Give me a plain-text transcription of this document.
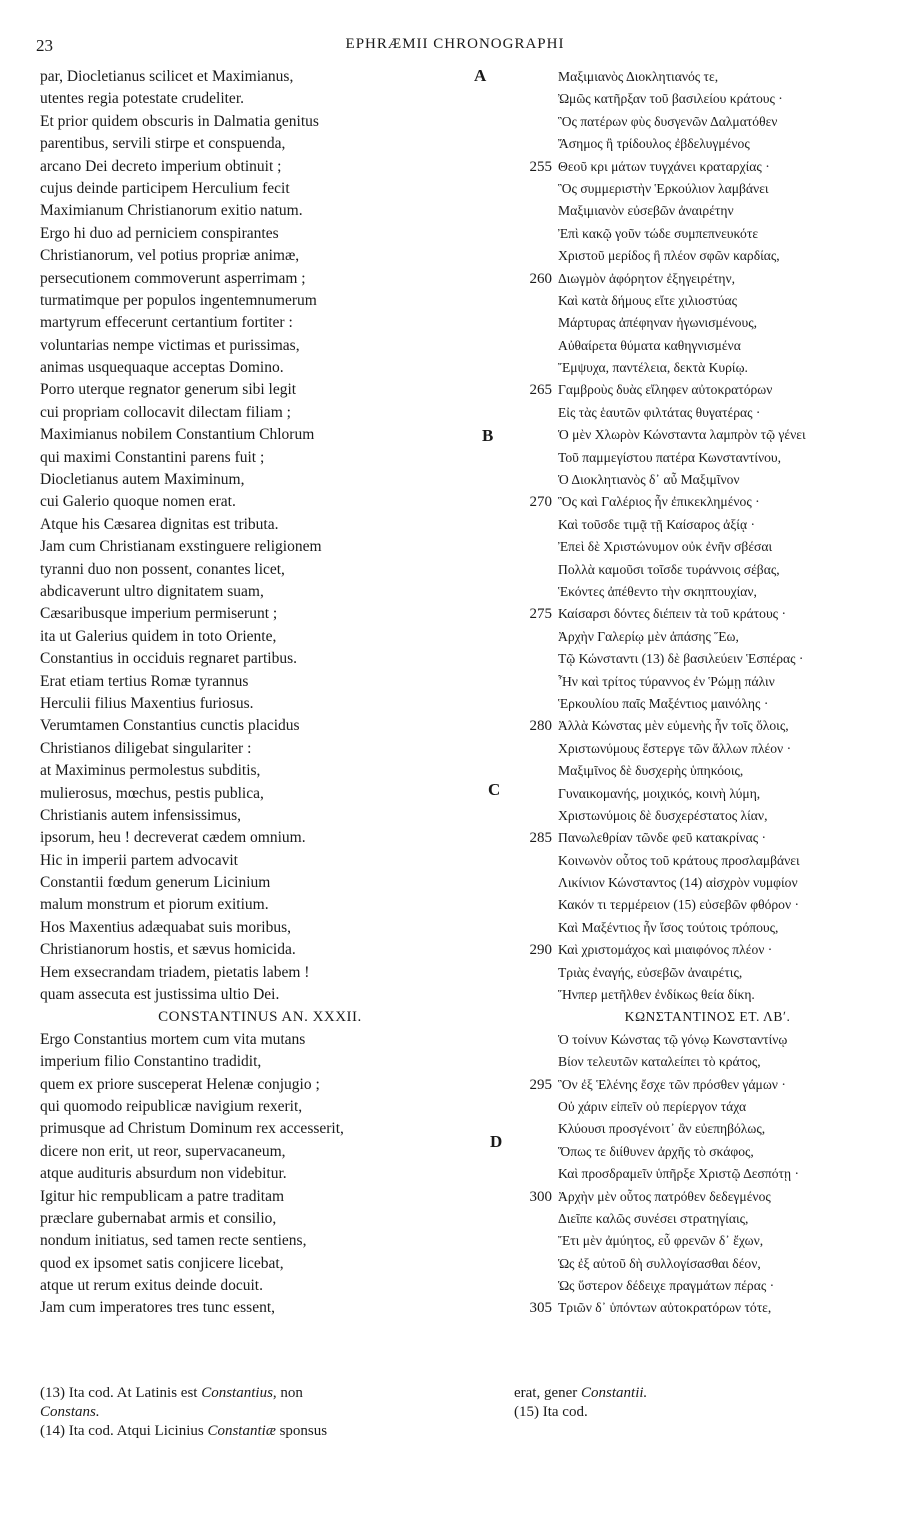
23	EPHRÆMII CHRONOGRAPHI
A
B
C
D
par, Diocletianus scilicet et Maximianus,
utentes regia potestate crudeliter.
Et prior quidem obscuris in Dalmatia genitus
parentibus, servili stirpe et conspuenda,
arcano Dei decreto imperium obtinuit ;
cujus deinde participem Herculium fecit
Maximianum Christianorum exitio natum.
Ergo hi duo ad perniciem conspirantes
Christianorum, vel potius propriæ animæ,
persecutionem commoverunt asperrimam ;
turmatimque per populos ingentemnumerum
martyrum effecerunt certantium fortiter :
voluntarias nempe victimas et purissimas,
animas usquequaque acceptas Domino.
Porro uterque regnator generum sibi legit
cui propriam collocavit dilectam filiam ;
Maximianus nobilem Constantium Chlorum
qui maximi Constantini parens fuit ;
Diocletianus autem Maximinum,
cui Galerio quoque nomen erat.
Atque his Cæsarea dignitas est tributa.
Jam cum Christianam exstinguere religionem
tyranni duo non possent, conantes licet,
abdicaverunt ultro dignitatem suam,
Cæsaribusque imperium permiserunt ;
ita ut Galerius quidem in toto Oriente,
Constantius in occiduis regnaret partibus.
Erat etiam tertius Romæ tyrannus
Herculii filius Maxentius furiosus.
Verumtamen Constantius cunctis placidus
Christianos diligebat singulariter :
at Maximinus permolestus subditis,
mulierosus, mœchus, pestis publica,
Christianis autem infensissimus,
ipsorum, heu ! decreverat cædem omnium.
Hic in imperii partem advocavit
Constantii fœdum generum Licinium
malum monstrum et piorum exitium.
Hos Maxentius adæquabat suis moribus,
Christianorum hostis, et sævus homicida.
Hem exsecrandam triadem, pietatis labem !
quam assecuta est justissima ultio Dei.
CONSTANTINUS AN. XXXII.
Ergo Constantius mortem cum vita mutans
imperium filio Constantino tradidit,
quem ex priore susceperat Helenæ conjugio ;
qui quomodo reipublicæ navigium rexerit,
primusque ad Christum Dominum rex accesserit,
dicere non erit, ut reor, supervacaneum,
atque audituris absurdum non videbitur.
Igitur hic rempublicam a patre traditam
præclare gubernabat armis et consilio,
nondum initiatus, sed tamen recte sentiens,
quod ex ipsomet satis conjicere licebat,
atque ut rerum exitus deinde docuit.
Jam cum imperatores tres tunc essent,
Μαξιμιανὸς Διοκλητιανός τε,
Ὠμῶς κατῆρξαν τοῦ βασιλείου κράτους ·
Ὃς πατέρων φὺς δυσγενῶν Δαλματόθεν
Ἄσημος ἢ τρίδουλος ἐβδελυγμένος
255 Θεοῦ κρι μάτων τυγχάνει κραταρχίας ·
Ὃς συμμεριστὴν Ἑρκούλιον λαμβάνει
Μαξιμιανὸν εὐσεβῶν ἀναιρέτην
Ἐπὶ κακῷ γοῦν τώδε συμπεπνευκότε
Χριστοῦ μερίδος ἢ πλέον σφῶν καρδίας,
260 Διωγμὸν ἀφόρητον ἐξηγειρέτην,
Καὶ κατὰ δήμους εἴτε χιλιοστύας
Μάρτυρας ἀπέφηναν ἠγωνισμένους,
Αὐθαίρετα θύματα καθηγνισμένα
Ἔμψυχα, παντέλεια, δεκτὰ Κυρίῳ.
265 Γαμβροὺς δυὰς εἴληφεν αὐτοκρατόρων
Εἰς τὰς ἑαυτῶν φιλτάτας θυγατέρας ·
Ὁ μὲν Χλωρὸν Κώνσταντα λαμπρὸν τῷ γένει
Τοῦ παμμεγίστου πατέρα Κωνσταντίνου,
Ὁ Διοκλητιανὸς δ᾽ αὖ Μαξιμῖνον
270 Ὃς καὶ Γαλέριος ἦν ἐπικεκλημένος ·
Καὶ τοῦσδε τιμᾷ τῇ Καίσαρος ἀξίᾳ ·
Ἐπεὶ δὲ Χριστώνυμον οὐκ ἐνῆν σβέσαι
Πολλὰ καμοῦσι τοῖσδε τυράννοις σέβας,
Ἑκόντες ἀπέθεντο τὴν σκηπτουχίαν,
275 Καίσαρσι δόντες διέπειν τὰ τοῦ κράτους ·
Ἀρχὴν Γαλερίῳ μὲν ἀπάσης Ἕω,
Τῷ Κώνσταντι (13) δὲ βασιλεύειν Ἑσπέρας ·
Ἦν καὶ τρίτος τύραννος ἐν Ῥώμῃ πάλιν
Ἑρκουλίου παῖς Μαξέντιος μαινόλης ·
280 Ἀλλὰ Κώνστας μὲν εὐμενὴς ἦν τοῖς ὅλοις,
Χριστωνύμους ἔστεργε τῶν ἄλλων πλέον ·
Μαξιμῖνος δὲ δυσχερὴς ὑπηκόοις,
Γυναικομανής, μοιχικός, κοινὴ λύμη,
Χριστωνύμοις δὲ δυσχερέστατος λίαν,
285 Πανωλεθρίαν τῶνδε φεῦ κατακρίνας ·
Κοινωνὸν οὗτος τοῦ κράτους προσλαμβάνει
Λικίνιον Κώνσταντος (14) αἰσχρὸν νυμφίον
Κακόν τι τερμέρειον (15) εὐσεβῶν φθόρον ·
Καὶ Μαξέντιος ἦν ἴσος τούτοις τρόπους,
290 Καὶ χριστομάχος καὶ μιαιφόνος πλέον ·
Τριὰς ἐναγής, εὐσεβῶν ἀναιρέτις,
Ἥνπερ μετῆλθεν ἐνδίκως θεία δίκη.
ΚΩΝΣΤΑΝΤΙΝΟΣ ΕΤ. ΛΒʹ.
Ὁ τοίνυν Κώνστας τῷ γόνῳ Κωνσταντίνῳ
Βίον τελευτῶν καταλείπει τὸ κράτος,
295 Ὃν ἐξ Ἑλένης ἔσχε τῶν πρόσθεν γάμων ·
Οὐ χάριν εἰπεῖν οὐ περίεργον τάχα
Κλύουσι προσγένοιτ᾽ ἂν εὐεπηβόλως,
Ὅπως τε διίθυνεν ἀρχῆς τὸ σκάφος,
Καὶ προσδραμεῖν ὑπῆρξε Χριστῷ Δεσπότῃ ·
300 Ἀρχὴν μὲν οὗτος πατρόθεν δεδεγμένος
Διεῖπε καλῶς συνέσει στρατηγίαις,
Ἔτι μὲν ἀμύητος, εὖ φρενῶν δ᾽ ἔχων,
Ὡς ἐξ αὐτοῦ δὴ συλλογίσασθαι δέον,
Ὡς ὕστερον δέδειχε πραγμάτων πέρας ·
305 Τριῶν δ᾽ ὑπόντων αὐτοκρατόρων τότε,
(13) Ita cod. At Latinis est Constantius, non
Constans.
(14) Ita cod. Atqui Licinius Constantiæ sponsus
erat, gener Constantii.
(15) Ita cod.
